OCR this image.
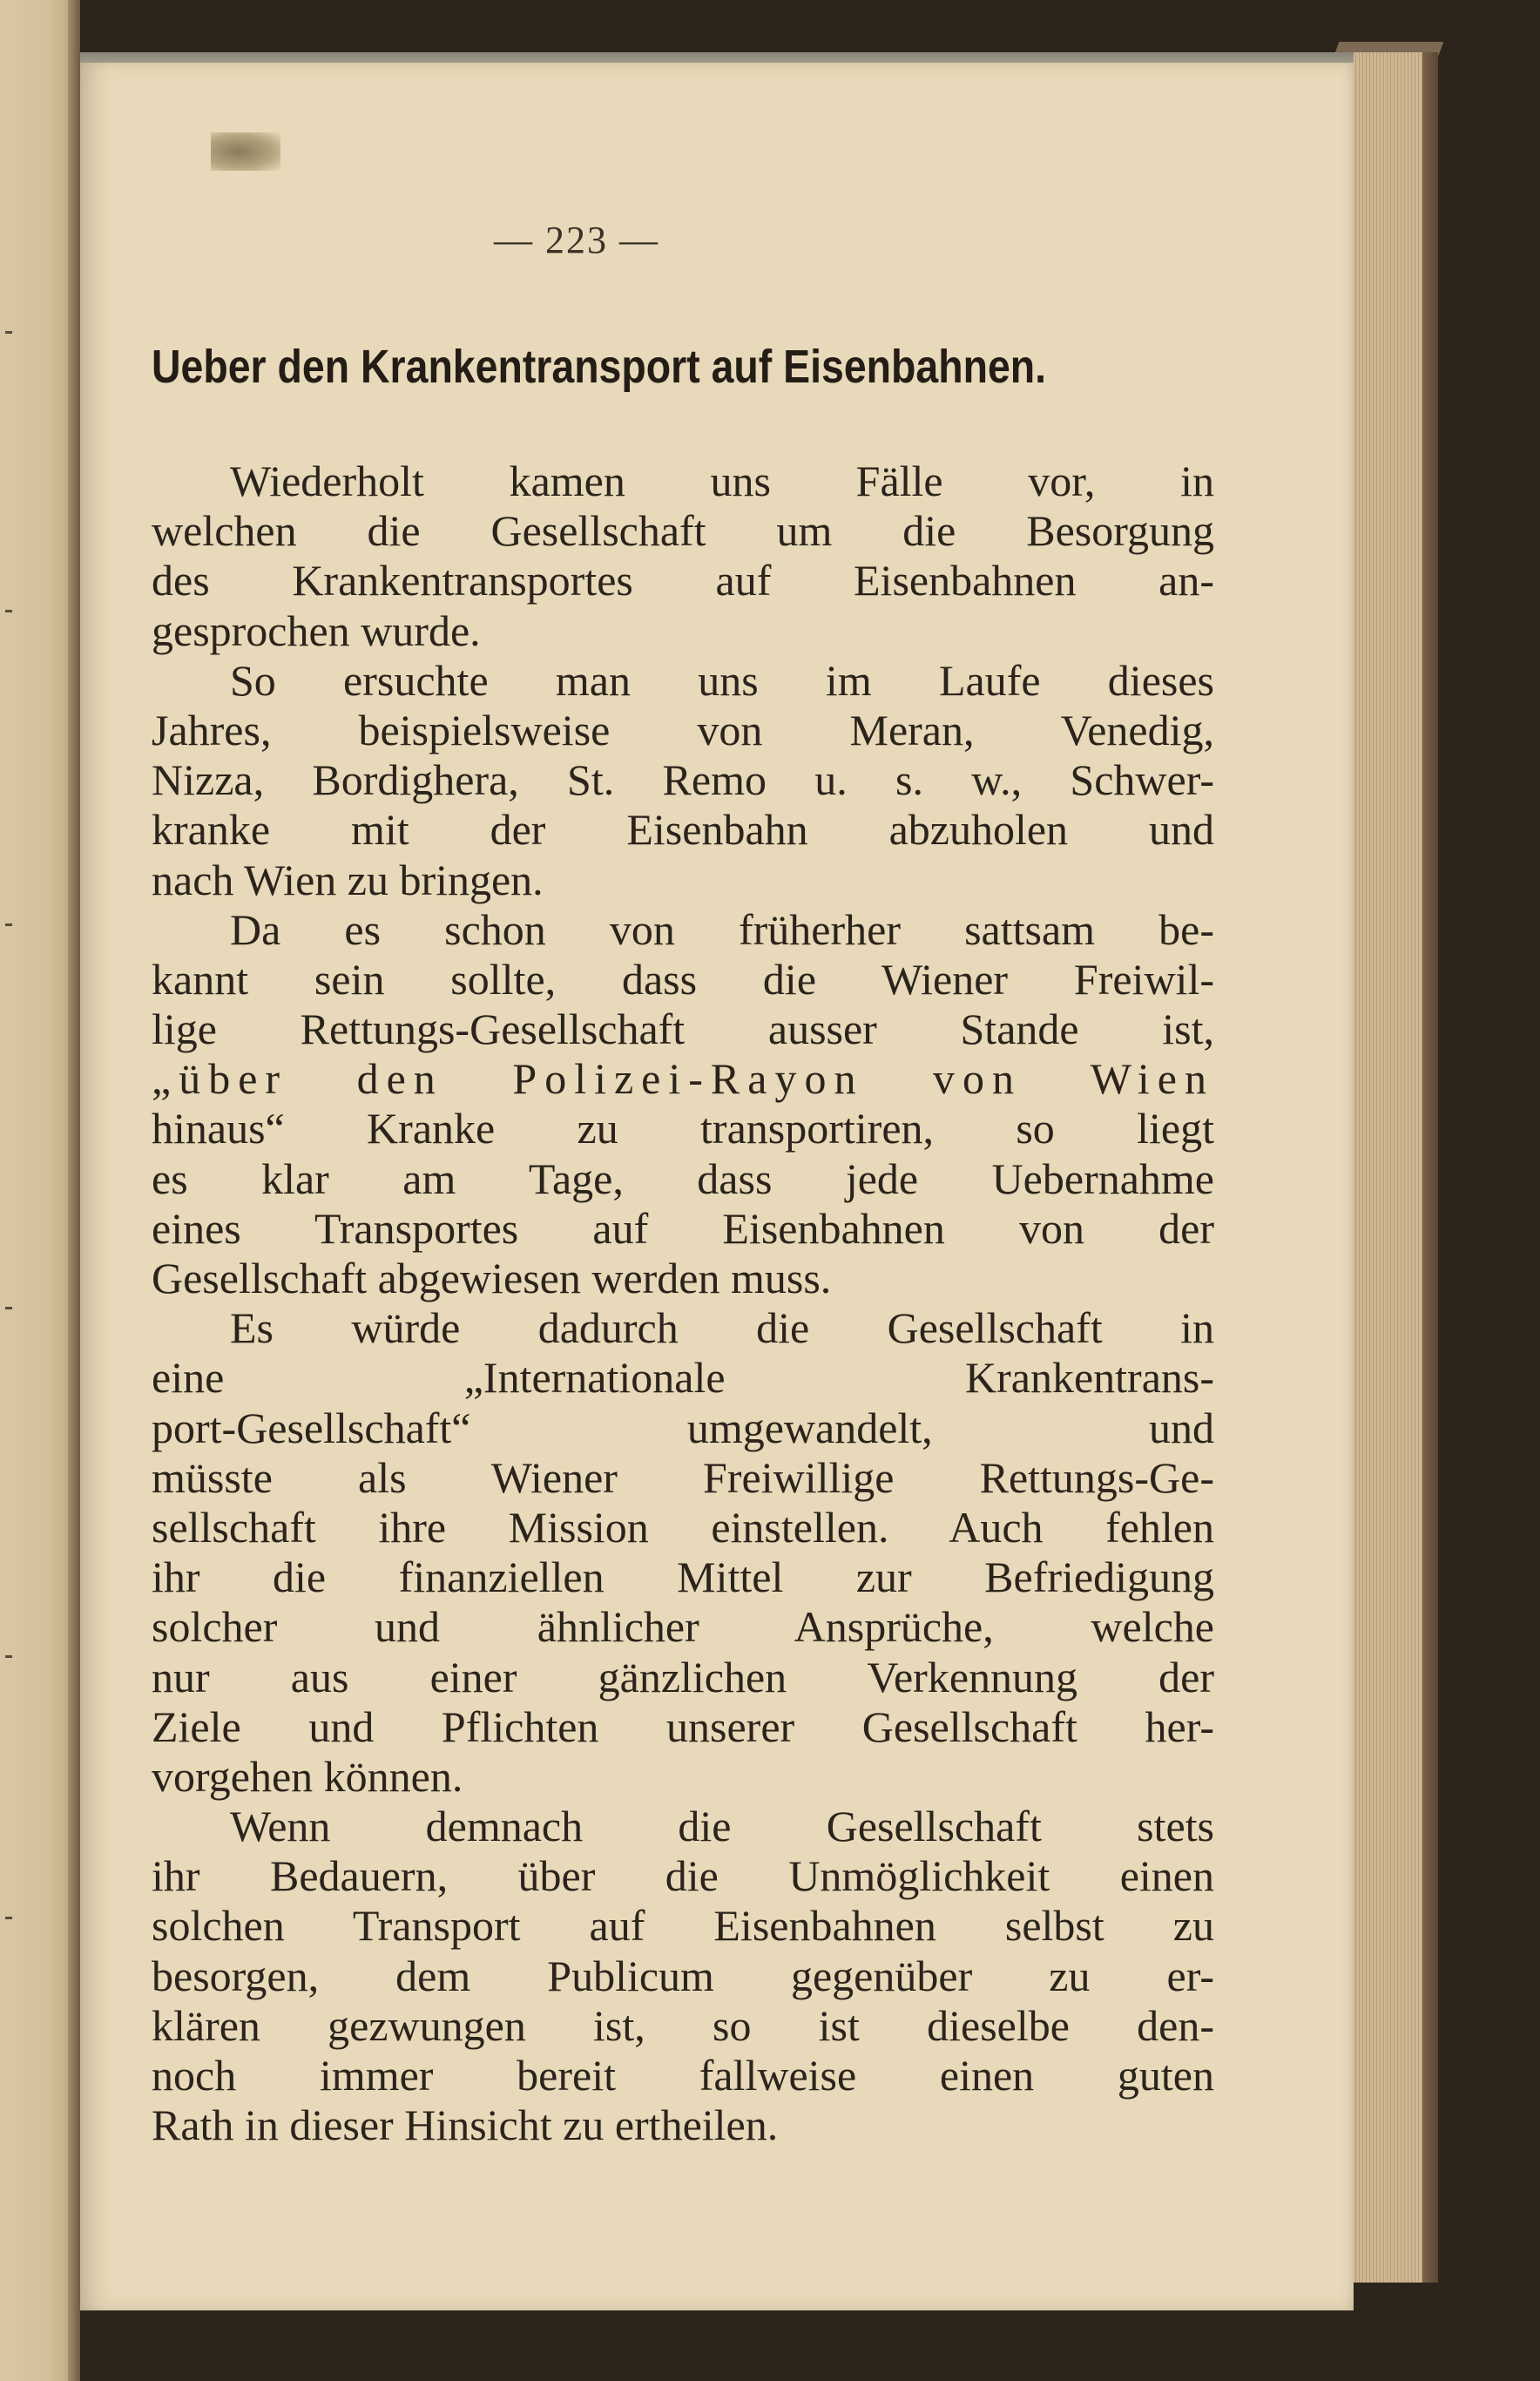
— 223 —
Ueber den Krankentransport auf Eisenbahnen.
Wiederholt kamen uns Fälle vor, in
welchen die Gesellschaft um die Besorgung
des Krankentransportes auf Eisenbahnen an-
gesprochen wurde.
So ersuchte man uns im Laufe dieses
Jahres, beispielsweise von Meran, Venedig,
Nizza, Bordighera, St. Remo u. s. w., Schwer-
kranke mit der Eisenbahn abzuholen und
nach Wien zu bringen.
Da es schon von früherher sattsam be-
kannt sein sollte, dass die Wiener Freiwil-
lige Rettungs-Gesellschaft ausser Stande ist,
„über den Polizei-Rayon von Wien
hinaus“ Kranke zu transportiren, so liegt
es klar am Tage, dass jede Uebernahme
eines Transportes auf Eisenbahnen von der
Gesellschaft abgewiesen werden muss.
Es würde dadurch die Gesellschaft in
eine „Internationale Krankentrans-
port-Gesellschaft“ umgewandelt, und
müsste als Wiener Freiwillige Rettungs-Ge-
sellschaft ihre Mission einstellen. Auch fehlen
ihr die finanziellen Mittel zur Befriedigung
solcher und ähnlicher Ansprüche, welche
nur aus einer gänzlichen Verkennung der
Ziele und Pflichten unserer Gesellschaft her-
vorgehen können.
Wenn demnach die Gesellschaft stets
ihr Bedauern, über die Unmöglichkeit einen
solchen Transport auf Eisenbahnen selbst zu
besorgen, dem Publicum gegenüber zu er-
klären gezwungen ist, so ist dieselbe den-
noch immer bereit fallweise einen guten
Rath in dieser Hinsicht zu ertheilen.
